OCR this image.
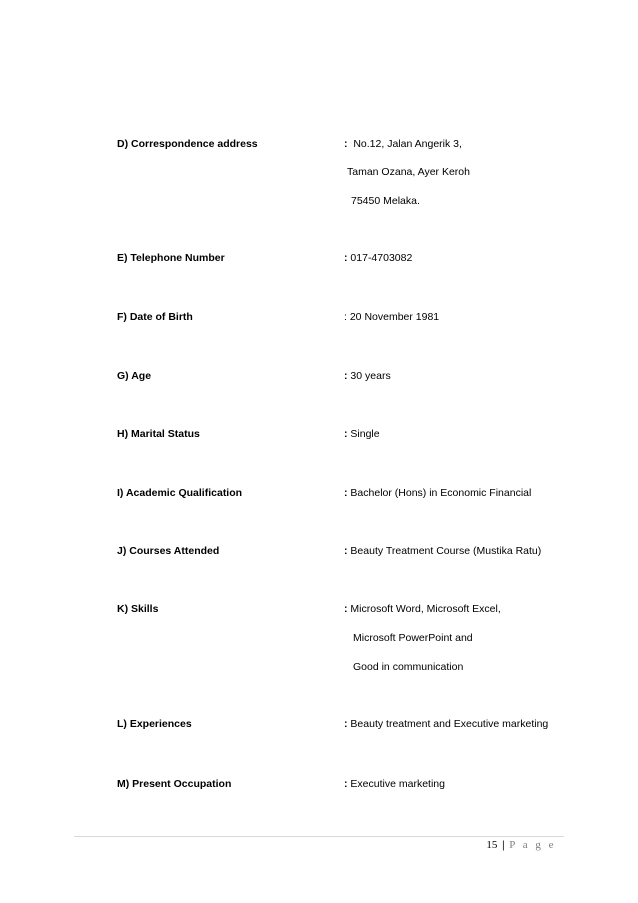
D) Correspondence address	: No.12, Jalan Angerik 3,
Taman Ozana, Ayer Keroh
75450 Melaka.
E) Telephone Number	: 017-4703082
F) Date of Birth	: 20 November 1981
G) Age	: 30 years
H) Marital Status	: Single
I) Academic Qualification	: Bachelor (Hons) in Economic Financial
J) Courses Attended	: Beauty Treatment Course (Mustika Ratu)
K) Skills	: Microsoft Word, Microsoft Excel,
Microsoft PowerPoint and
Good in communication
L) Experiences	: Beauty treatment and Executive marketing
M) Present Occupation	: Executive marketing
15 | P a g e
